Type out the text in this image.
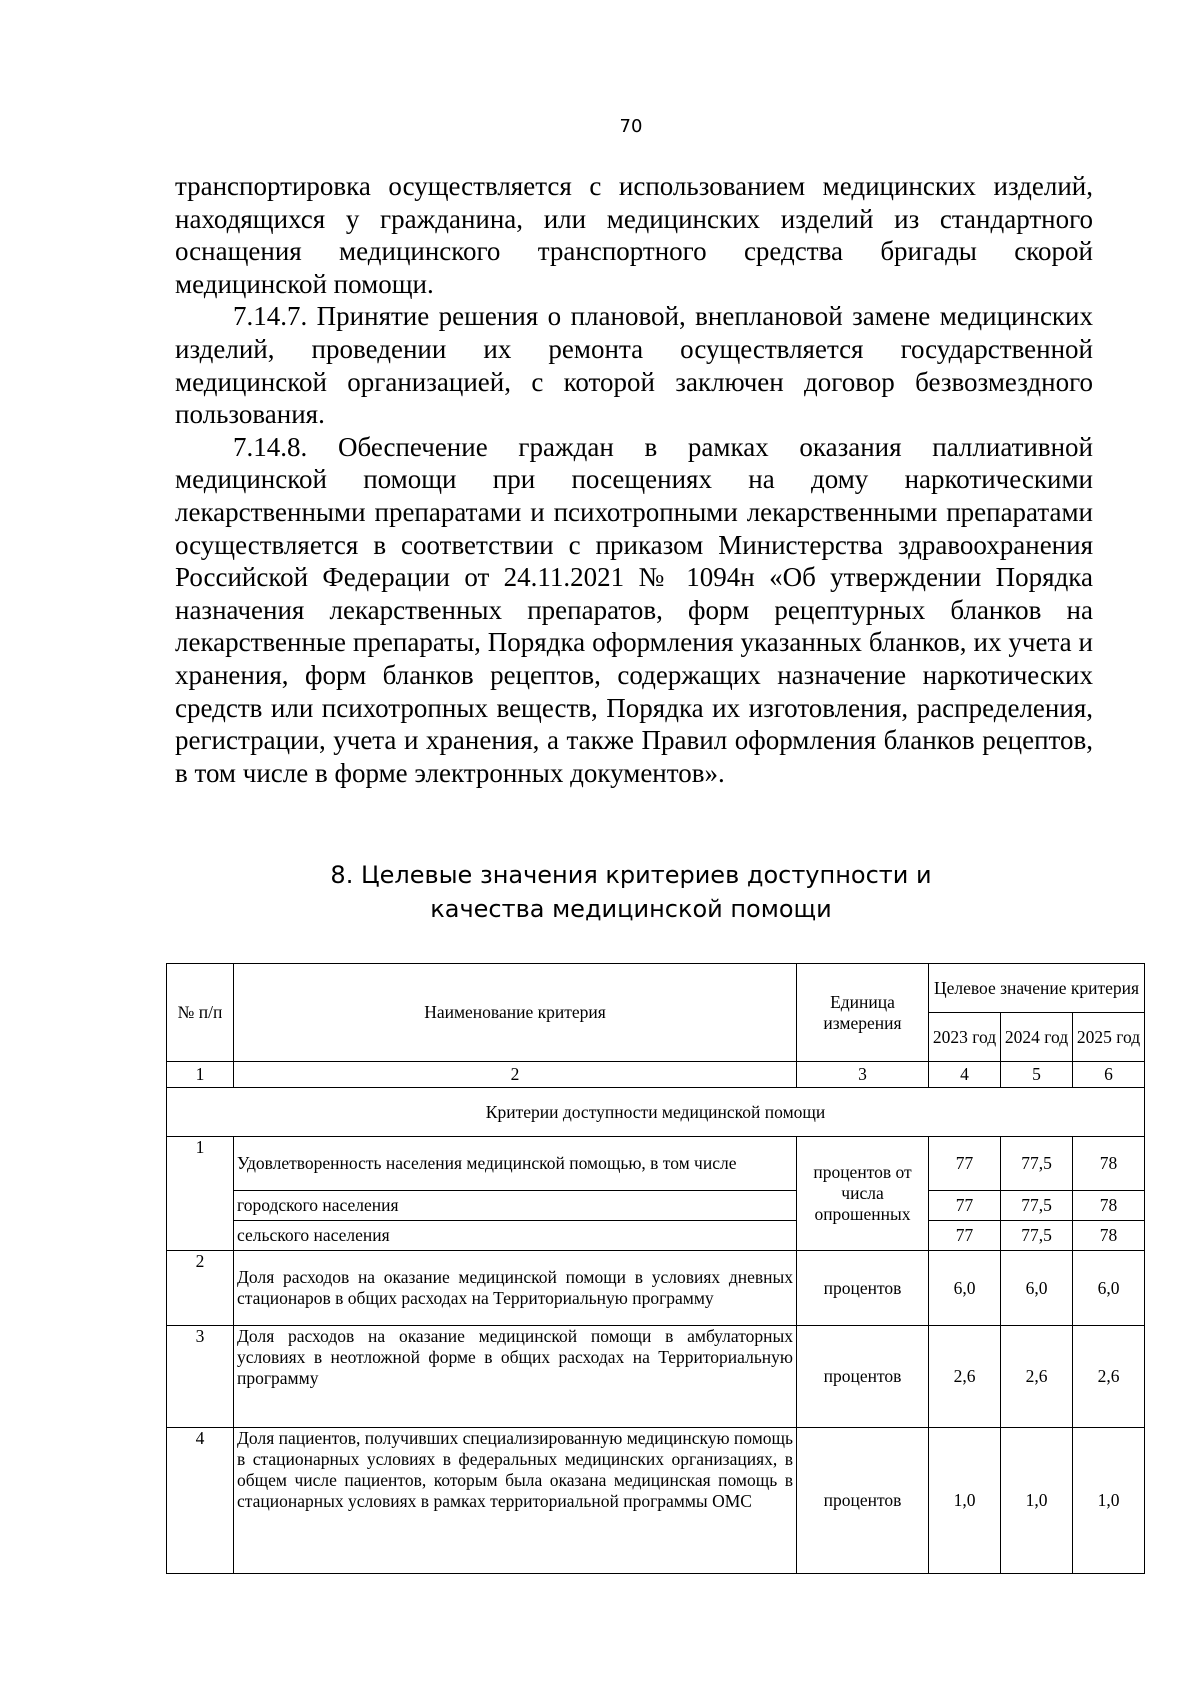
70

транспортировка осуществляется с использованием медицинских изделий, находящихся у гражданина, или медицинских изделий из стандартного оснащения медицинского транспортного средства бригады скорой медицинской помощи.

7.14.7. Принятие решения о плановой, внеплановой замене медицинских изделий, проведении их ремонта осуществляется государственной медицинской организацией, с которой заключен договор безвозмездного пользования.

7.14.8. Обеспечение граждан в рамках оказания паллиативной медицинской помощи при посещениях на дому наркотическими лекарственными препаратами и психотропными лекарственными препаратами осуществляется в соответствии с приказом Министерства здравоохранения Российской Федерации от 24.11.2021 № 1094н «Об утверждении Порядка назначения лекарственных препаратов, форм рецептурных бланков на лекарственные препараты, Порядка оформления указанных бланков, их учета и хранения, форм бланков рецептов, содержащих назначение наркотических средств или психотропных веществ, Порядка их изготовления, распределения, регистрации, учета и хранения, а также Правил оформления бланков рецептов, в том числе в форме электронных документов».

8. Целевые значения критериев доступности и
качества медицинской помощи
№ п/п	Наименование критерия	Единица измерения	Целевое значение критерия		
			2023 год	2024 год	2025 год
1	2	3	4	5	6
Критерии доступности медицинской помощи					
1	Удовлетворенность населения медицинской помощью, в том числе	процентов от числа опрошенных	77	77,5	78
	городского населения		77	77,5	78
	сельского населения		77	77,5	78
2	Доля расходов на оказание медицинской помощи в условиях дневных стационаров в общих расходах на Территориальную программу	процентов	6,0	6,0	6,0
3	Доля расходов на оказание медицинской помощи в амбулаторных условиях в неотложной форме в общих расходах на Территориальную программу	процентов	2,6	2,6	2,6
4	Доля пациентов, получивших специализированную медицинскую помощь в стационарных условиях в федеральных медицинских организациях, в общем числе пациентов, которым была оказана медицинская помощь в стационарных условиях в рамках территориальной программы ОМС	процентов	1,0	1,0	1,0
